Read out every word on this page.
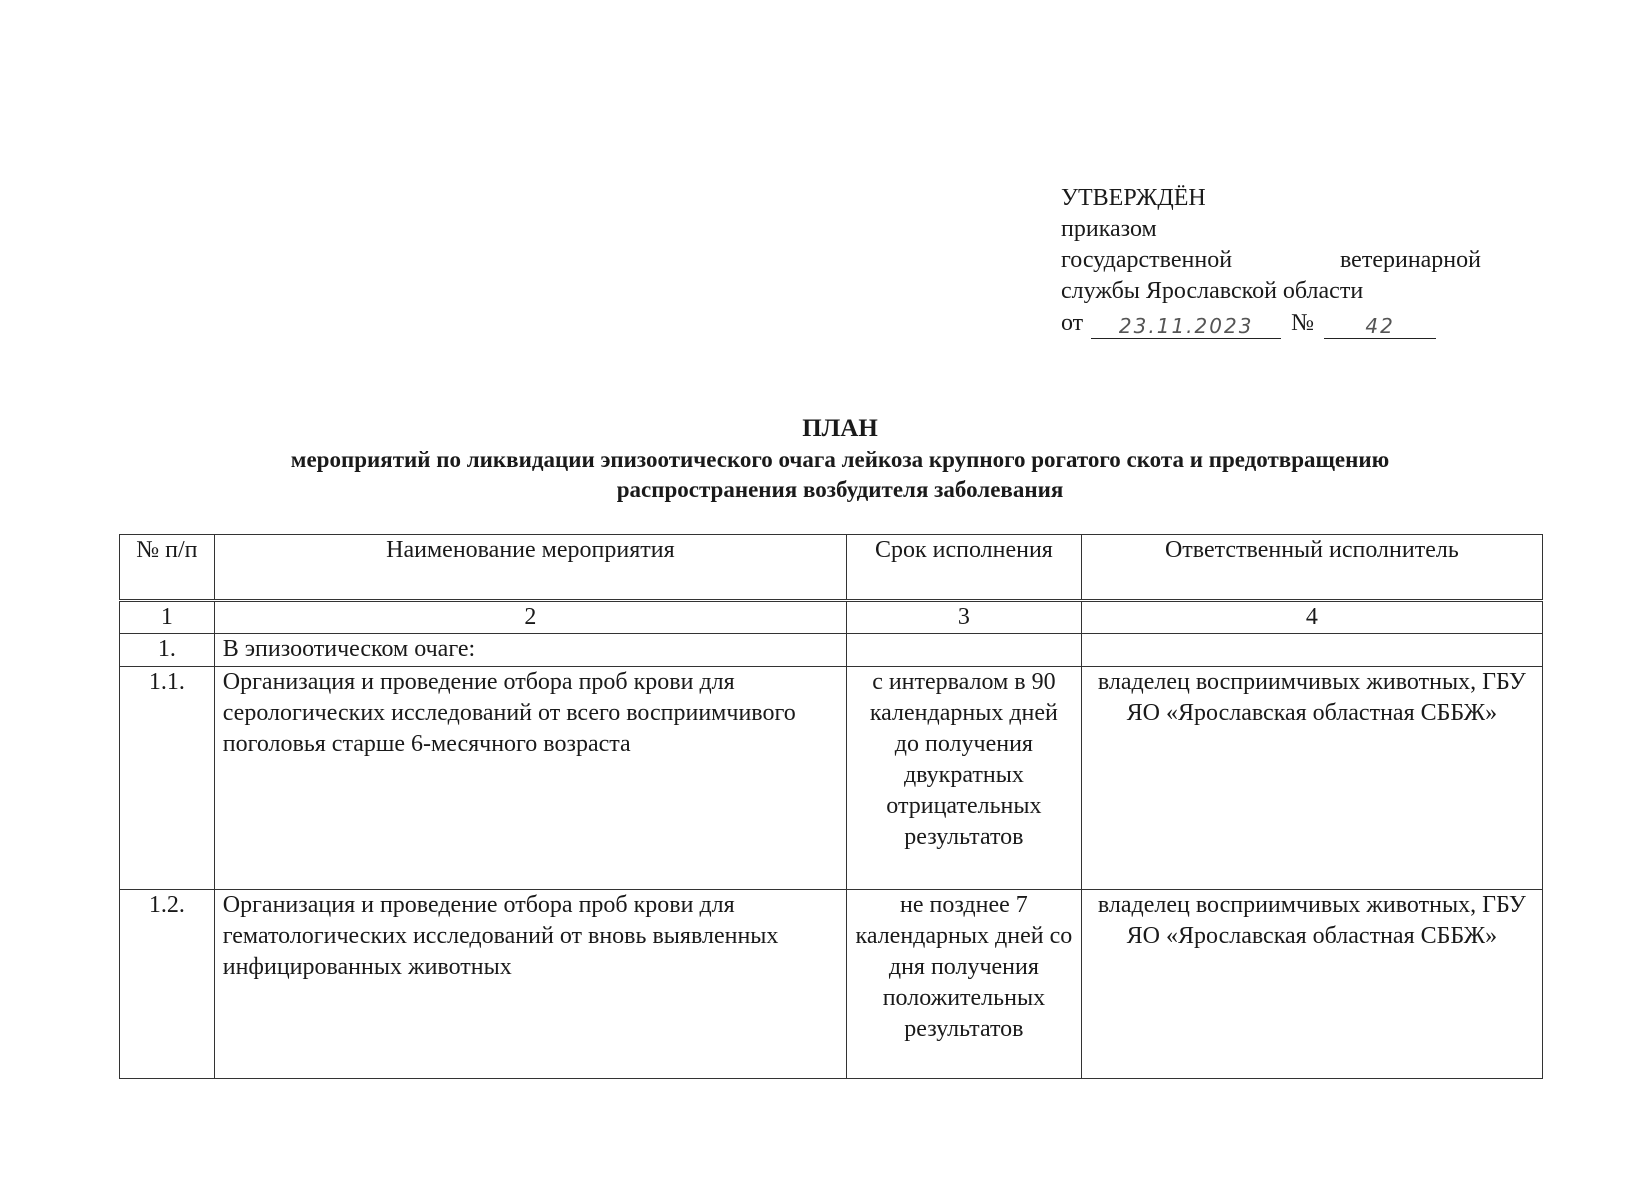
УТВЕРЖДЁН
приказом
государственной	ветеринарной
службы Ярославской области
от	23.11.2023	№	42
ПЛАН
мероприятий по ликвидации эпизоотического очага лейкоза крупного рогатого скота и предотвращению
распространения возбудителя заболевания
№ п/п	Наименование мероприятия	Срок исполнения	Ответственный исполнитель
1	2	3	4
1.	В эпизоотическом очаге:		
1.1.	Организация и проведение отбора проб крови для серологических исследований от всего восприимчивого поголовья старше 6-месячного возраста	с интервалом в 90 календарных дней до получения двукратных отрицательных результатов	владелец восприимчивых животных, ГБУ ЯО «Ярославская областная СББЖ»
1.2.	Организация и проведение отбора проб крови для гематологических исследований от вновь выявленных инфицированных животных	не позднее 7 календарных дней со дня получения положительных результатов	владелец восприимчивых животных, ГБУ ЯО «Ярославская областная СББЖ»
